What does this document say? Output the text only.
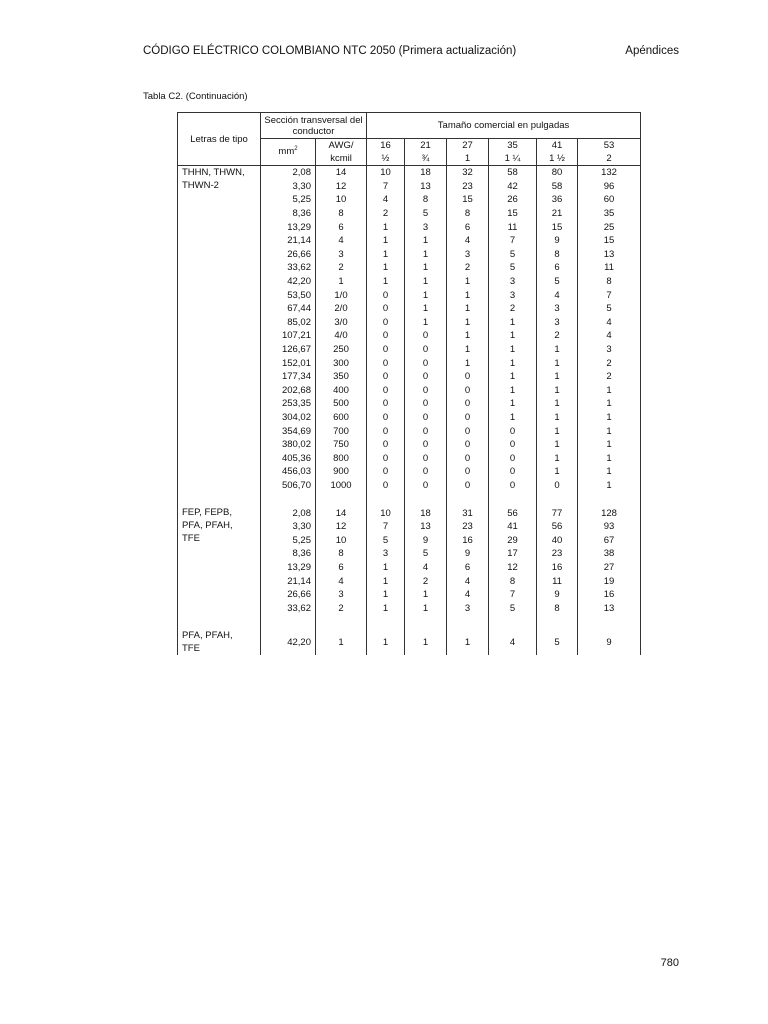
CÓDIGO ELÉCTRICO COLOMBIANO NTC 2050 (Primera actualización)	Apéndices
Tabla C2. (Continuación)
Letras de tipo	Sección transversal del conductor		Tamaño comercial en pulgadas					
	$mm^2$	AWG/	16	21	27	35	41	53
		kcmil	½	¾	1	1 ¼	1 ½	2

THHN, THWN,
THWN-2	2,08	14	10	18	32	58	80	132
	3,30	12	7	13	23	42	58	96
	5,25	10	4	8	15	26	36	60
	8,36	8	2	5	8	15	21	35
	13,29	6	1	3	6	11	15	25
	21,14	4	1	1	4	7	9	15
	26,66	3	1	1	3	5	8	13
	33,62	2	1	1	2	5	6	11
	42,20	1	1	1	1	3	5	8
	53,50	1/0	0	1	1	3	4	7
	67,44	2/0	0	1	1	2	3	5
	85,02	3/0	0	1	1	1	3	4
	107,21	4/0	0	0	1	1	2	4
	126,67	250	0	0	1	1	1	3
	152,01	300	0	0	1	1	1	2
	177,34	350	0	0	0	1	1	2
	202,68	400	0	0	0	1	1	1
	253,35	500	0	0	0	1	1	1
	304,02	600	0	0	0	1	1	1
	354,69	700	0	0	0	0	1	1
	380,02	750	0	0	0	0	1	1
	405,36	800	0	0	0	0	1	1
	456,03	900	0	0	0	0	1	1
	506,70	1000	0	0	0	0	0	1

FEP, FEPB,
PFA, PFAH,
TFE	2,08	14	10	18	31	56	77	128
	3,30	12	7	13	23	41	56	93
	5,25	10	5	9	16	29	40	67
	8,36	8	3	5	9	17	23	38
	13,29	6	1	4	6	12	16	27
	21,14	4	1	2	4	8	11	19
	26,66	3	1	1	4	7	9	16
	33,62	2	1	1	3	5	8	13

PFA, PFAH,
TFE	42,20	1	1	1	1	4	5	9
780
